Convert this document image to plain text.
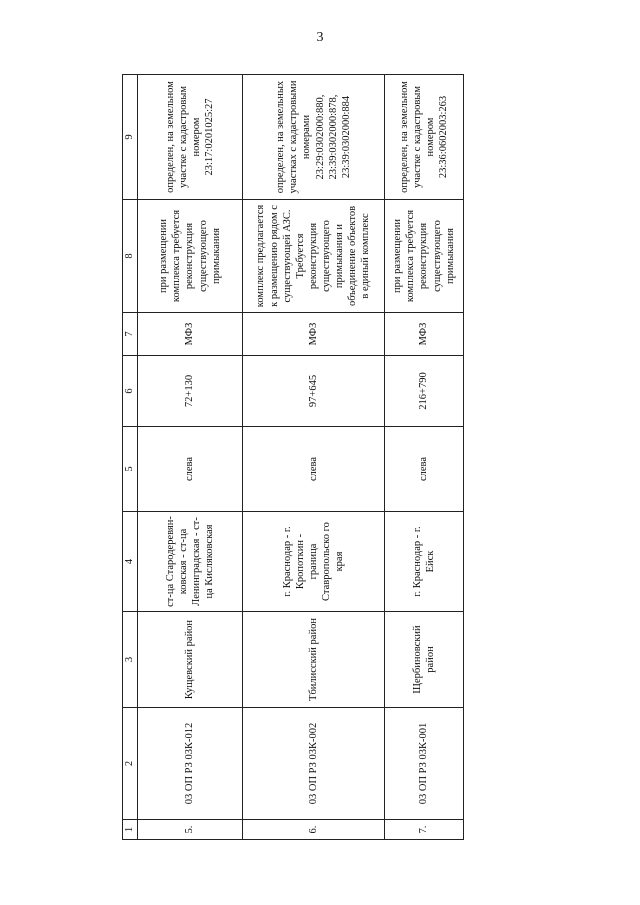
3
1	2	3	4	5	6	7	8	9
5.	03 ОП РЗ 03К-012	Кущевский район	ст-ца Стародеревян-ковская - ст-ца Ленинградская - ст-ца Кисляковская	слева	72+130	МФЗ	при размещении комплекса требуется реконструкция существующего примыкания	определен, на земельном участке с кадастровым номером 23:17:0201025:27
6.	03 ОП РЗ 03К-002	Тбилисский район	г. Краснодар - г. Кропоткин - граница Ставропольско го края	слева	97+645	МФЗ	комплекс предлагается к размещению рядом с существующей АЗС. Требуется реконструкция существующего примыкания и объединение объектов в единый комплекс	определен, на земельных участках с кадастровыми номерами 23:29:0302000:880, 23:39:0302000:878, 23:39:0302000:884
7.	03 ОП РЗ 03К-001	Щербиновский район	г. Краснодар - г. Ейск	слева	216+790	МФЗ	при размещении комплекса требуется реконструкция существующего примыкания	определен, на земельном участке с кадастровым номером 23:36:0602003:263
